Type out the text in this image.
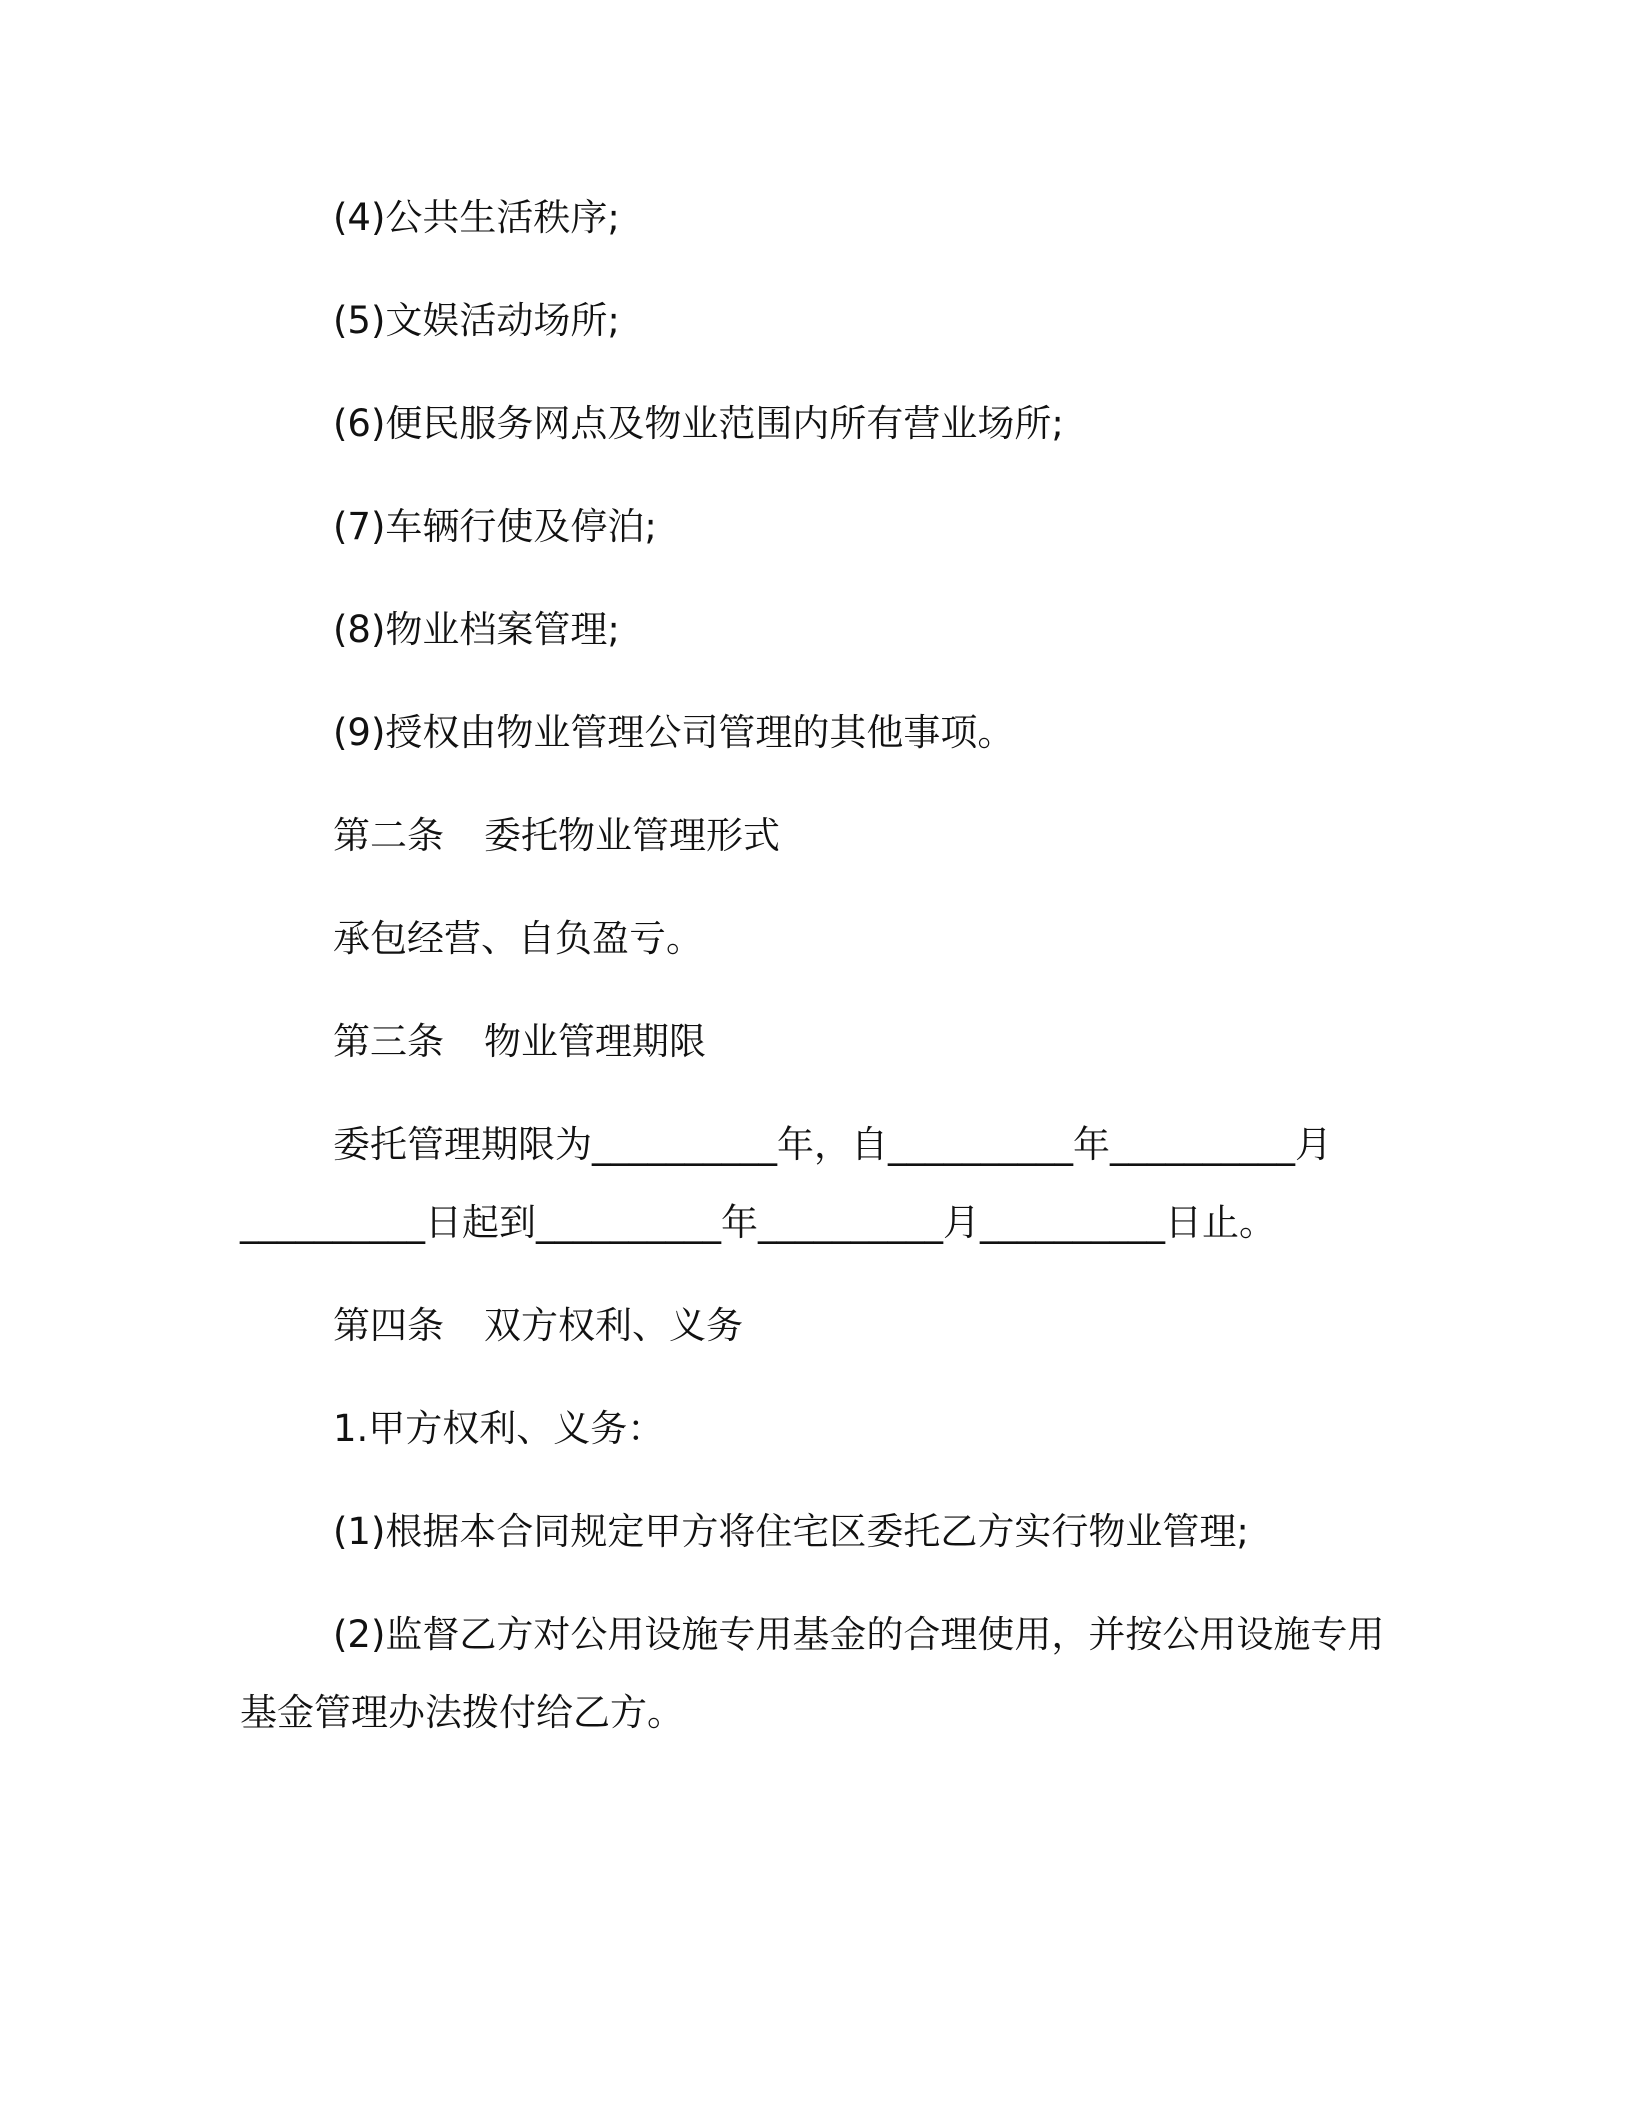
(4)公共生活秩序;

(5)文娱活动场所;

(6)便民服务网点及物业范围内所有营业场所;

(7)车辆行使及停泊;

(8)物业档案管理;

(9)授权由物业管理公司管理的其他事项。

第二条 委托物业管理形式

承包经营、自负盈亏。

第三条 物业管理期限

委托管理期限为__________年，自__________年__________月

__________日起到__________年__________月__________日止。

第四条 双方权利、义务

1.甲方权利、义务：

(1)根据本合同规定甲方将住宅区委托乙方实行物业管理;

(2)监督乙方对公用设施专用基金的合理使用，并按公用设施专用

基金管理办法拨付给乙方。
